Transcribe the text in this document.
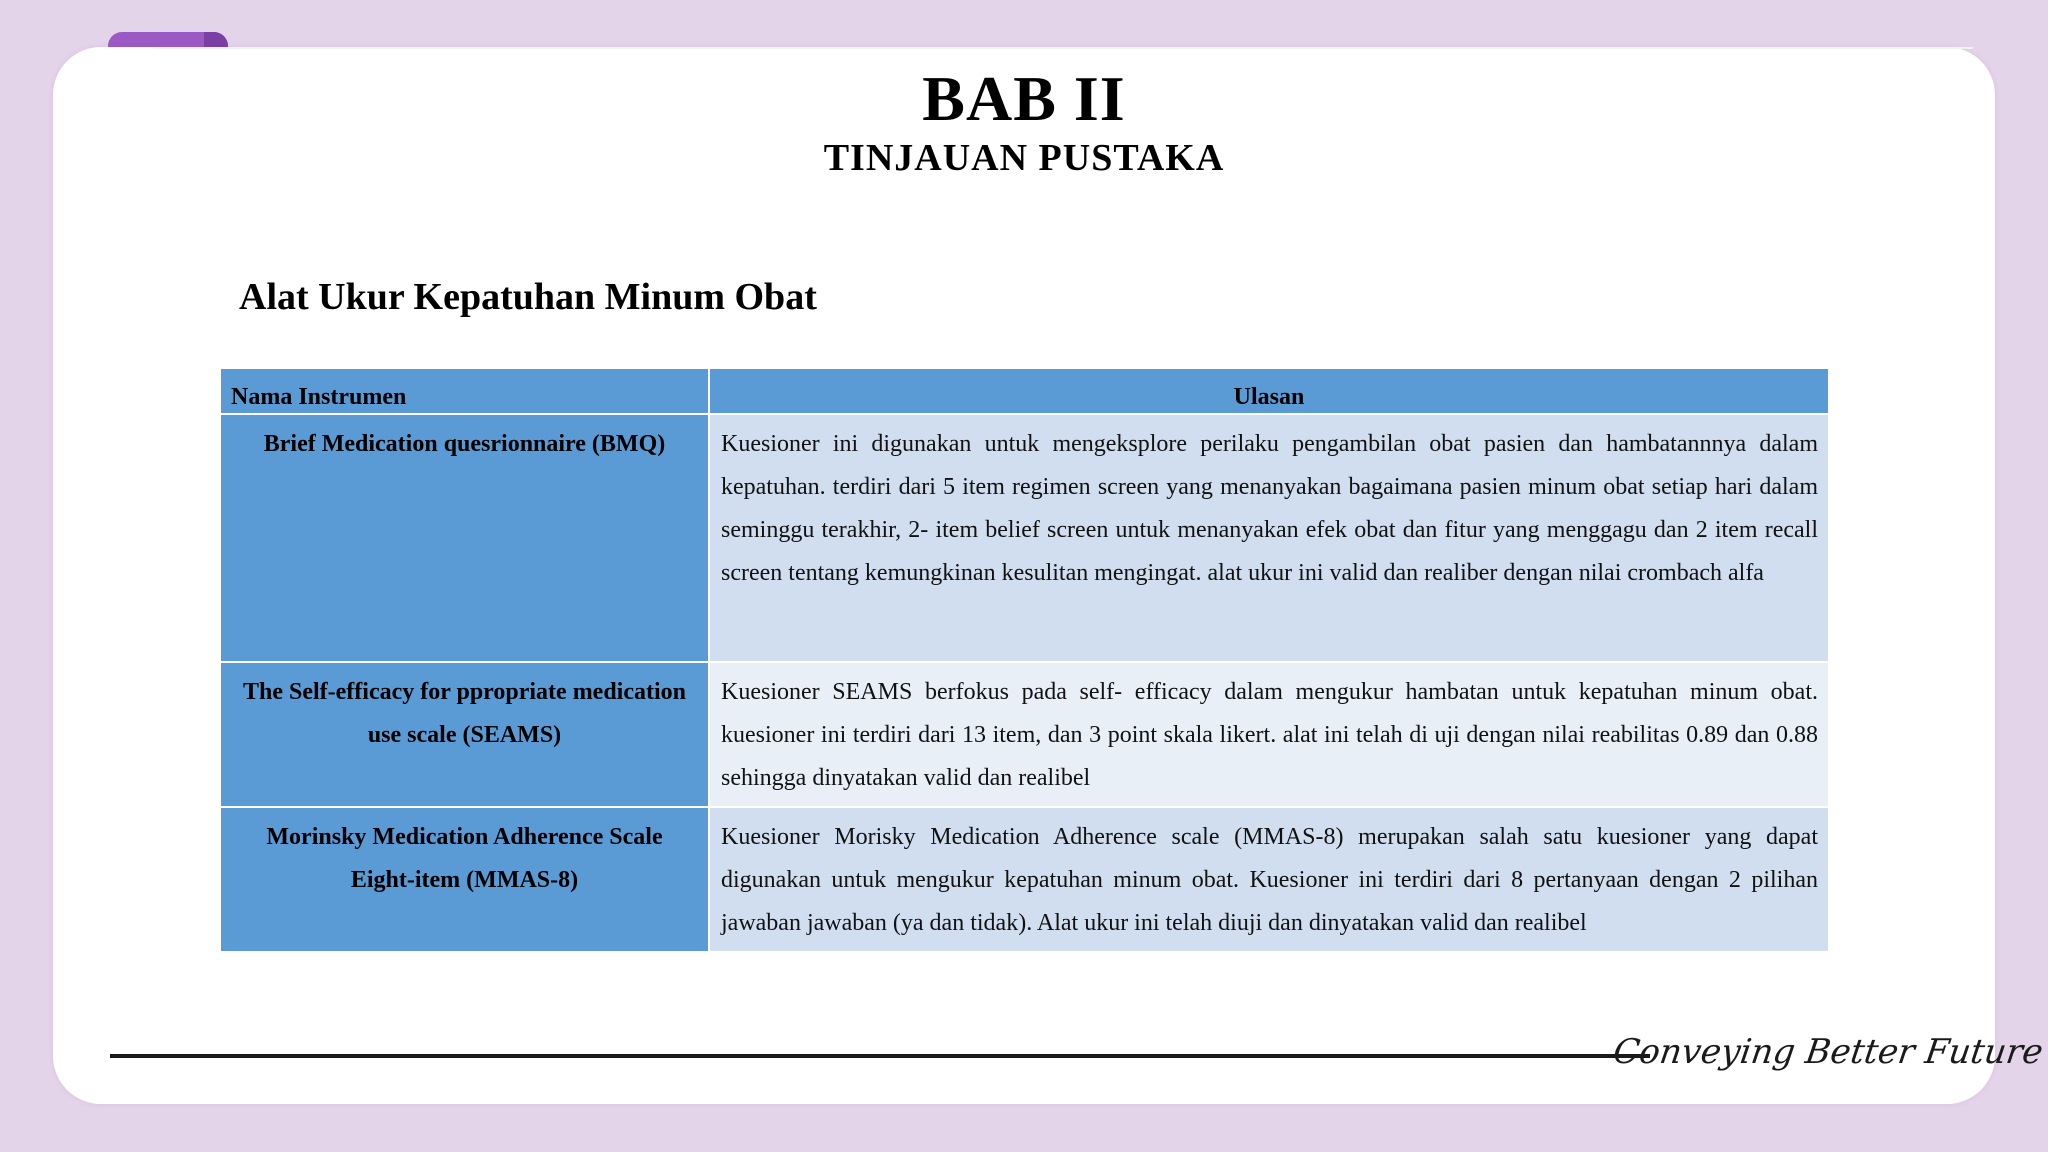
BAB II
TINJAUAN PUSTAKA
Alat Ukur Kepatuhan Minum Obat
Nama Instrumen	Ulasan
Brief Medication quesrionnaire (BMQ)	Kuesioner ini digunakan untuk mengeksplore perilaku pengambilan obat pasien dan hambatannnya dalam kepatuhan. terdiri dari 5 item regimen screen yang menanyakan bagaimana pasien minum obat setiap hari dalam seminggu terakhir, 2- item belief screen untuk menanyakan efek obat dan fitur yang menggagu dan 2 item recall screen tentang kemungkinan kesulitan mengingat. alat ukur ini valid dan realiber dengan nilai crombach alfa
The Self-efficacy for ppropriate medication use scale (SEAMS)	Kuesioner SEAMS berfokus pada self- efficacy dalam mengukur hambatan untuk kepatuhan minum obat. kuesioner ini terdiri dari 13 item, dan 3 point skala likert. alat ini telah di uji dengan nilai reabilitas 0.89 dan 0.88 sehingga dinyatakan valid dan realibel
Morinsky Medication Adherence Scale Eight-item (MMAS-8)	Kuesioner Morisky Medication Adherence scale (MMAS-8) merupakan salah satu kuesioner yang dapat digunakan untuk mengukur kepatuhan minum obat. Kuesioner ini terdiri dari 8 pertanyaan dengan 2 pilihan jawaban jawaban (ya dan tidak). Alat ukur ini telah diuji dan dinyatakan valid dan realibel
Conveying Better Future
